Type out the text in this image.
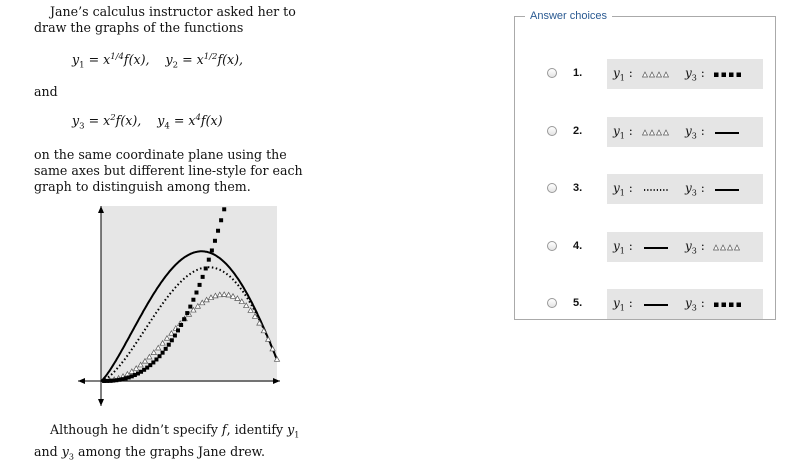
Jane’s calculus instructor asked her to draw the graphs of the functions

$y_1 = x^{1/4}f(x)$,    $y_2 = x^{1/2}f(x)$,
and
$y_3 = x^2f(x)$,    $y_4 = x^4f(x)$
on the same coordinate plane using the same axes but different line-style for each graph to distinguish among them.
Although he didn’t specify f, identify $y_1$ and $y_3$ among the graphs Jane drew.
Answer choices
1.	$y_1$ :	$y_3$ :
2.	$y_1$ :	$y_3$ :
3.	$y_1$ :	$y_3$ :
4.	$y_1$ :	$y_3$ :
5.	$y_1$ :	$y_3$ :
